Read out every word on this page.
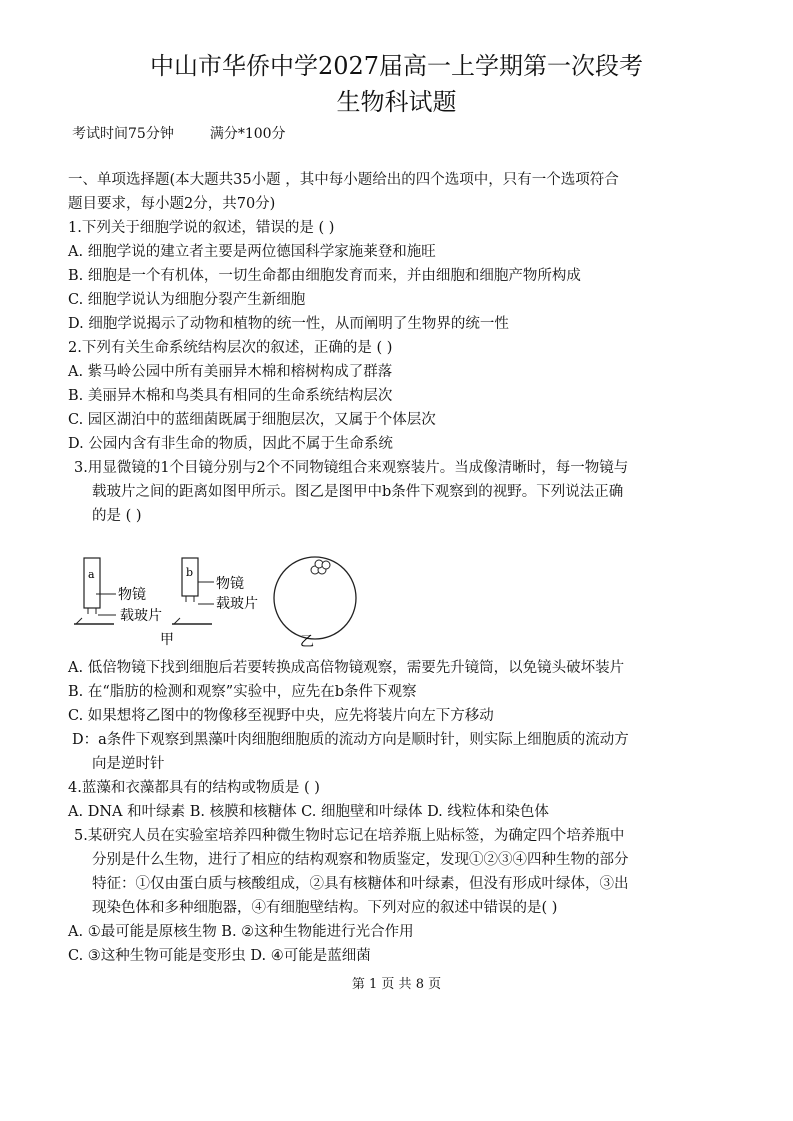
中山市华侨中学2027届高一上学期第一次段考
生物科试题
考试时间75分钟	满分*100分
一、单项选择题(本大题共35小题 ，其中每小题给出的四个选项中，只有一个选项符合
题目要求，每小题2分，共70分)
1.下列关于细胞学说的叙述，错误的是 ( )
A. 细胞学说的建立者主要是两位德国科学家施莱登和施旺
B. 细胞是一个有机体，一切生命都由细胞发育而来，并由细胞和细胞产物所构成
C. 细胞学说认为细胞分裂产生新细胞
D. 细胞学说揭示了动物和植物的统一性，从而阐明了生物界的统一性
2.下列有关生命系统结构层次的叙述，正确的是 ( )
A. 紫马岭公园中所有美丽异木棉和榕树构成了群落
B. 美丽异木棉和鸟类具有相同的生命系统结构层次
C. 园区湖泊中的蓝细菌既属于细胞层次，又属于个体层次
D. 公园内含有非生命的物质，因此不属于生命系统
3.用显微镜的1个目镜分别与2个不同物镜组合来观察装片。当成像清晰时，每一物镜与
载玻片之间的距离如图甲所示。图乙是图甲中b条件下观察到的视野。下列说法正确
的是 ( )
a
物镜
载玻片
b
物镜
载玻片
甲	乙
A. 低倍物镜下找到细胞后若要转换成高倍物镜观察，需要先升镜筒，以免镜头破坏装片
B. 在“脂肪的检测和观察”实验中，应先在b条件下观察
C. 如果想将乙图中的物像移至视野中央，应先将装片向左下方移动
D：a条件下观察到黑藻叶肉细胞细胞质的流动方向是顺时针，则实际上细胞质的流动方
向是逆时针
4.蓝藻和衣藻都具有的结构或物质是 ( )
A. DNA 和叶绿素 B. 核膜和核糖体 C. 细胞壁和叶绿体 D. 线粒体和染色体
5.某研究人员在实验室培养四种微生物时忘记在培养瓶上贴标签，为确定四个培养瓶中
分别是什么生物，进行了相应的结构观察和物质鉴定，发现①②③④四种生物的部分
特征：①仅由蛋白质与核酸组成，②具有核糖体和叶绿素，但没有形成叶绿体，③出
现染色体和多种细胞器，④有细胞壁结构。下列对应的叙述中错误的是( )
A. ①最可能是原核生物 B. ②这种生物能进行光合作用
C. ③这种生物可能是变形虫 D. ④可能是蓝细菌
第 1 页 共 8 页
